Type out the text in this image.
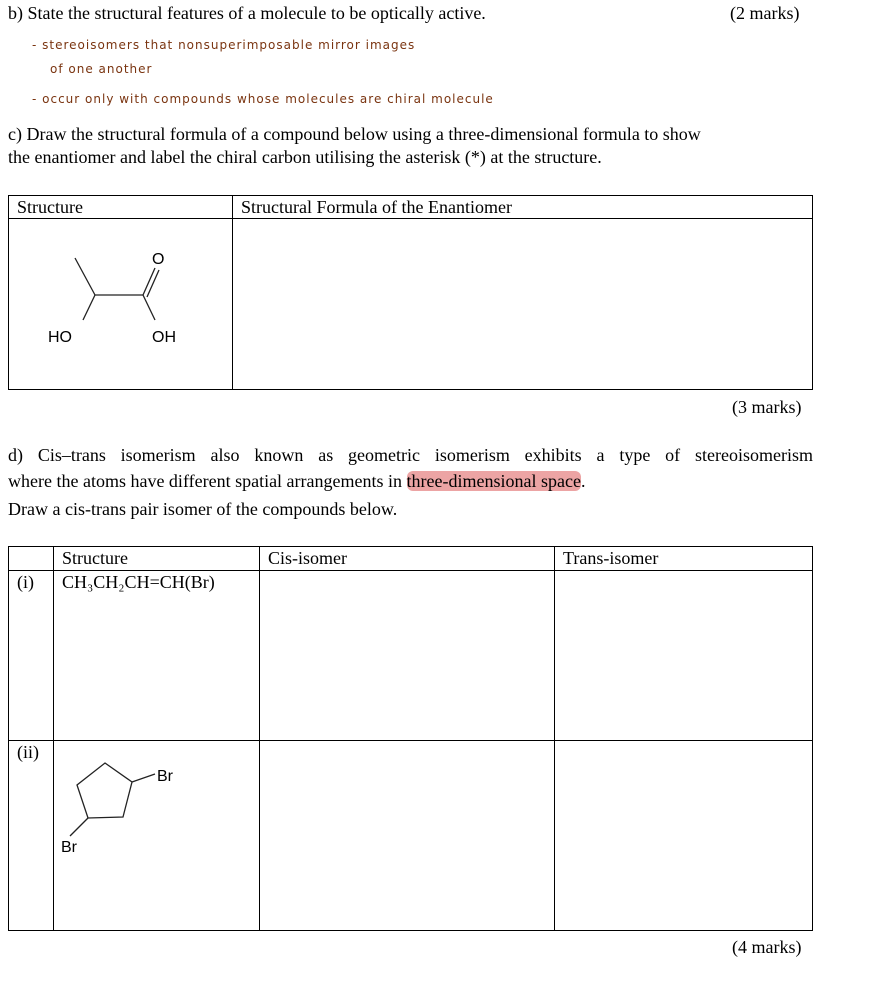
b) State the structural features of a molecule to be optically active.	(2 marks)
- stereoisomers that nonsuperimposable mirror images
of one another
- occur only with compounds whose molecules are chiral molecule
c) Draw the structural formula of a compound below using a three-dimensional formula to show
the enantiomer and label the chiral carbon utilising the asterisk (*) at the structure.
Structure	Structural Formula of the Enantiomer

O
HO	OH
(3 marks)
d) Cis–trans isomerism also known as geometric isomerism exhibits a type of stereoisomerism
where the atoms have different spatial arrangements in three-dimensional space.
Draw a cis-trans pair isomer of the compounds below.
	Structure	Cis-isomer	Trans-isomer
(i)	CH₃CH₂CH=CH(Br)		
(ii)			
Br
Br
(4 marks)
